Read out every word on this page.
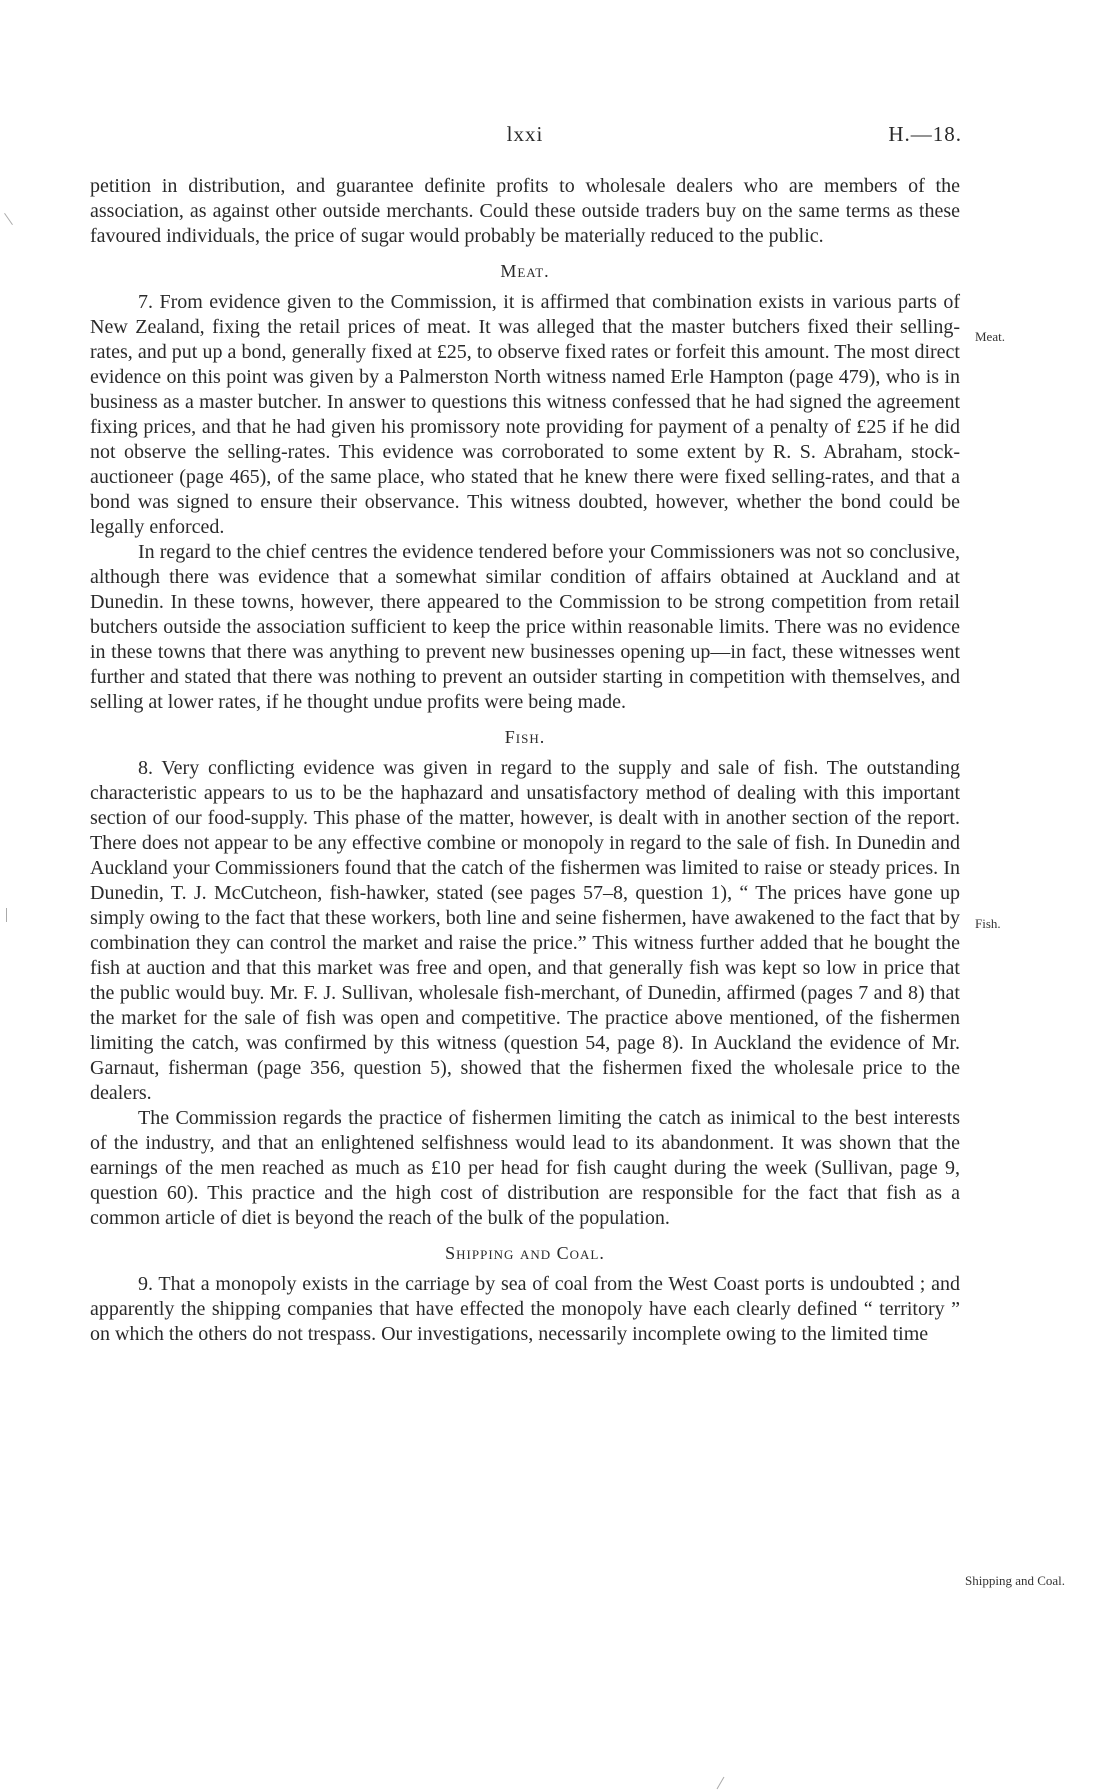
lxxi	H.—18.

petition in distribution, and guarantee definite profits to wholesale dealers who are members of the association, as against other outside merchants. Could these outside traders buy on the same terms as these favoured individuals, the price of sugar would probably be materially reduced to the public.

Meat.

7. From evidence given to the Commission, it is affirmed that combination exists in various parts of New Zealand, fixing the retail prices of meat. It was alleged that the master butchers fixed their selling-rates, and put up a bond, generally fixed at £25, to observe fixed rates or forfeit this amount. The most direct evidence on this point was given by a Palmerston North witness named Erle Hampton (page 479), who is in business as a master butcher. In answer to questions this witness confessed that he had signed the agreement fixing prices, and that he had given his promissory note providing for payment of a penalty of £25 if he did not observe the selling-rates. This evidence was corroborated to some extent by R. S. Abraham, stock-auctioneer (page 465), of the same place, who stated that he knew there were fixed selling-rates, and that a bond was signed to ensure their observance. This witness doubted, however, whether the bond could be legally enforced.

In regard to the chief centres the evidence tendered before your Commissioners was not so conclusive, although there was evidence that a somewhat similar condition of affairs obtained at Auckland and at Dunedin. In these towns, however, there appeared to the Commission to be strong competition from retail butchers outside the association sufficient to keep the price within reasonable limits. There was no evidence in these towns that there was anything to prevent new businesses opening up—in fact, these witnesses went further and stated that there was nothing to prevent an outsider starting in competition with themselves, and selling at lower rates, if he thought undue profits were being made.

Fish.

8. Very conflicting evidence was given in regard to the supply and sale of fish. The outstanding characteristic appears to us to be the haphazard and unsatisfactory method of dealing with this important section of our food-supply. This phase of the matter, however, is dealt with in another section of the report. There does not appear to be any effective combine or monopoly in regard to the sale of fish. In Dunedin and Auckland your Commissioners found that the catch of the fishermen was limited to raise or steady prices. In Dunedin, T. J. McCutcheon, fish-hawker, stated (see pages 57–8, question 1), “ The prices have gone up simply owing to the fact that these workers, both line and seine fishermen, have awakened to the fact that by combination they can control the market and raise the price.” This witness further added that he bought the fish at auction and that this market was free and open, and that generally fish was kept so low in price that the public would buy. Mr. F. J. Sullivan, wholesale fish-merchant, of Dunedin, affirmed (pages 7 and 8) that the market for the sale of fish was open and competitive. The practice above mentioned, of the fishermen limiting the catch, was confirmed by this witness (question 54, page 8). In Auckland the evidence of Mr. Garnaut, fisherman (page 356, question 5), showed that the fishermen fixed the wholesale price to the dealers.

The Commission regards the practice of fishermen limiting the catch as inimical to the best interests of the industry, and that an enlightened selfishness would lead to its abandonment. It was shown that the earnings of the men reached as much as £10 per head for fish caught during the week (Sullivan, page 9, question 60). This practice and the high cost of distribution are responsible for the fact that fish as a common article of diet is beyond the reach of the bulk of the population.

Shipping and Coal.

9. That a monopoly exists in the carriage by sea of coal from the West Coast ports is undoubted ; and apparently the shipping companies that have effected the monopoly have each clearly defined “ territory ” on which the others do not trespass. Our investigations, necessarily incomplete owing to the limited time

Meat.
Fish.
Shipping and Coal.
